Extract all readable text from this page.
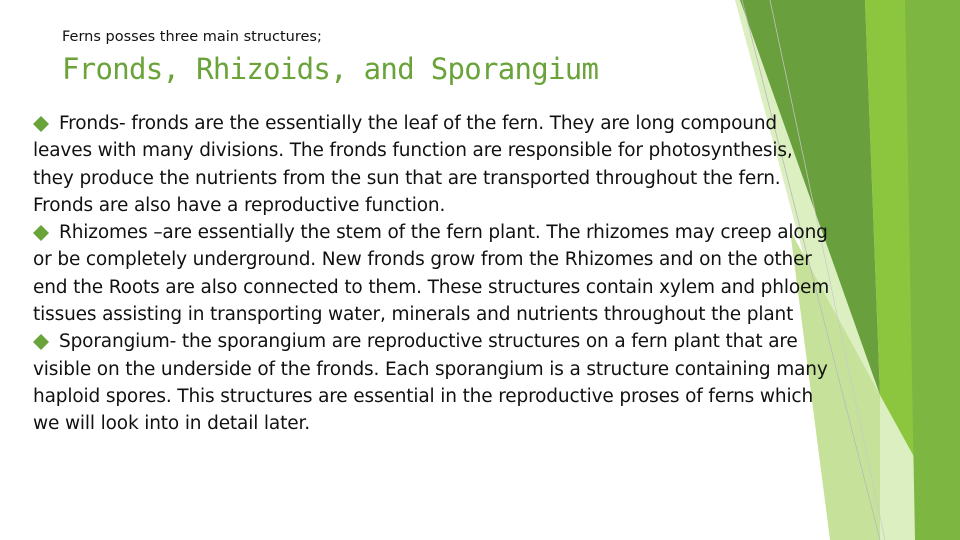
Ferns posses three main structures;
Fronds, Rhizoids, and Sporangium

Fronds- fronds are the essentially the leaf of the fern. They are long compound leaves with many divisions. The fronds function are responsible for photosynthesis, they produce the nutrients from the sun that are transported throughout the fern. Fronds are also have a reproductive function.

Rhizomes –are essentially the stem of the fern plant. The rhizomes may creep along or be completely underground. New fronds grow from the Rhizomes and on the other end the Roots are also connected to them. These structures contain xylem and phloem tissues assisting in transporting water, minerals and nutrients throughout the plant

Sporangium- the sporangium are reproductive structures on a fern plant that are visible on the underside of the fronds. Each sporangium is a structure containing many haploid spores. This structures are essential in the reproductive proses of ferns which we will look into in detail later.
